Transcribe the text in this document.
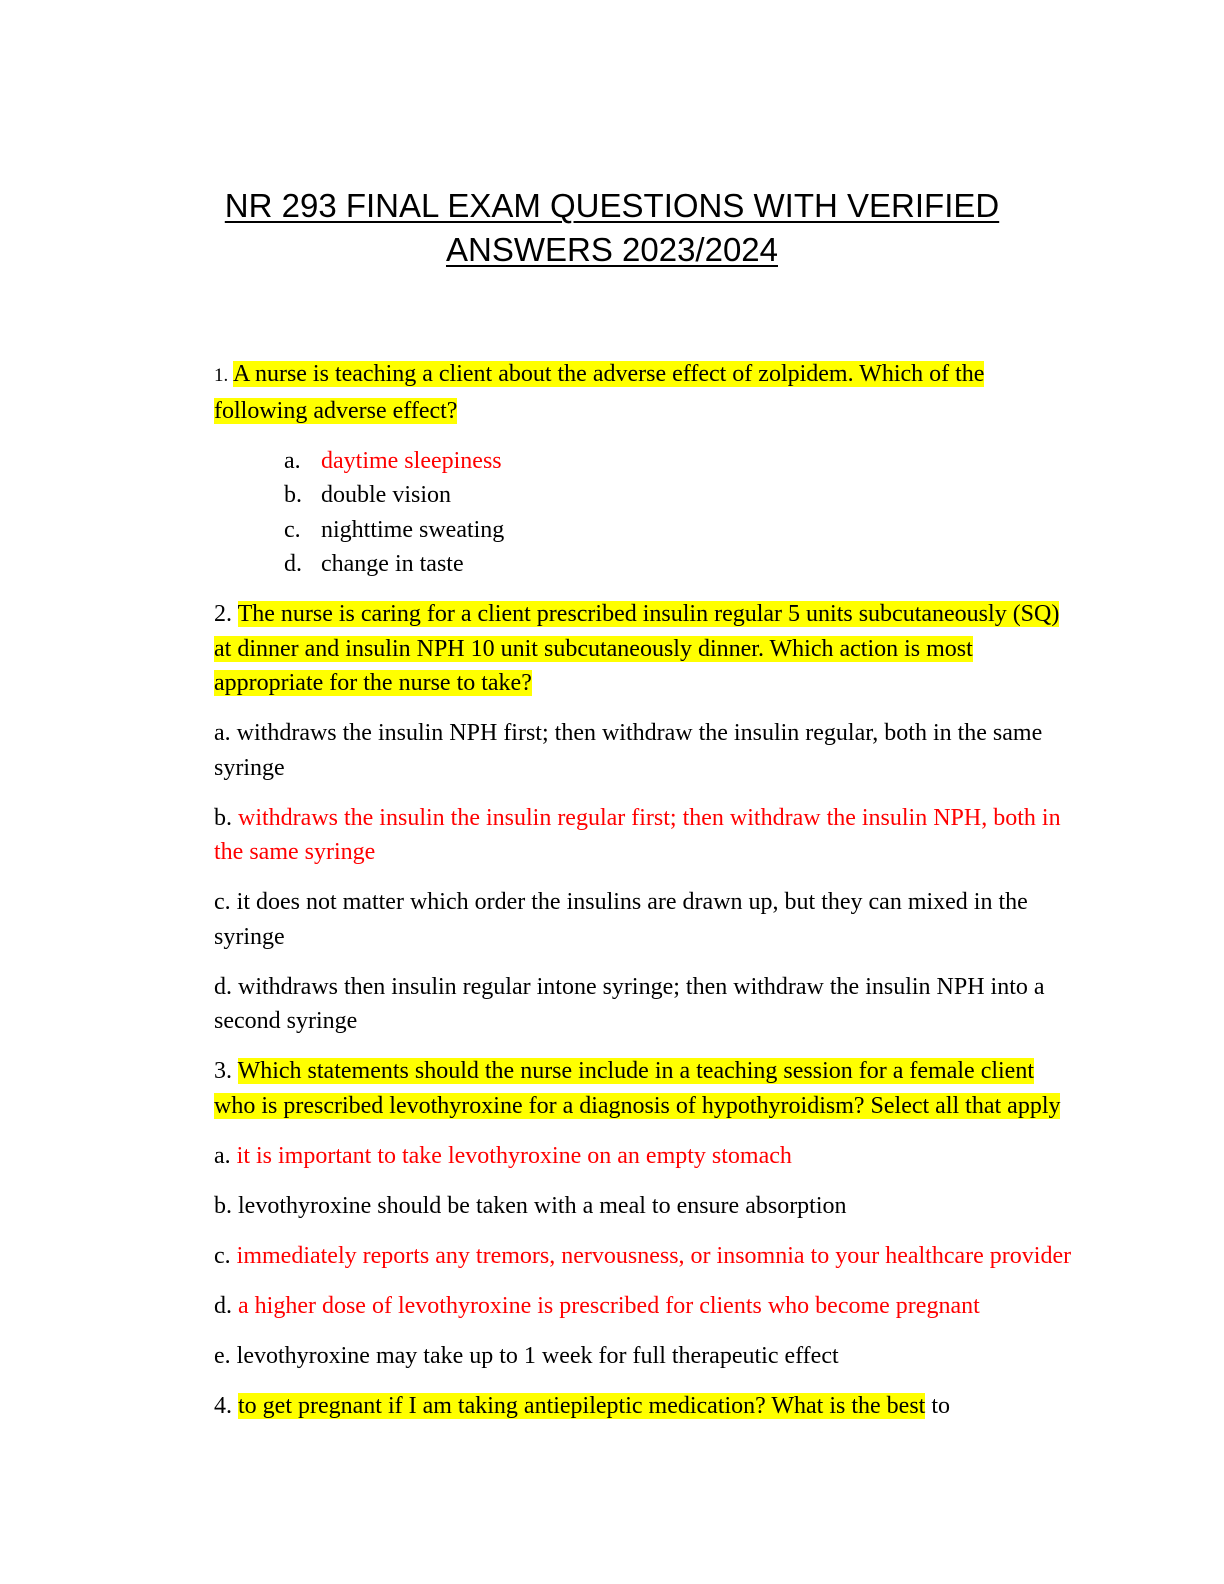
NR 293 FINAL EXAM QUESTIONS WITH VERIFIED
ANSWERS 2023/2024

1. A nurse is teaching a client about the adverse effect of zolpidem. Which of the following adverse effect?

a. daytime sleepiness
b. double vision
c. nighttime sweating
d. change in taste

2. The nurse is caring for a client prescribed insulin regular 5 units subcutaneously (SQ) at dinner and insulin NPH 10 unit subcutaneously dinner. Which action is most appropriate for the nurse to take?

a. withdraws the insulin NPH first; then withdraw the insulin regular, both in the same syringe

b. withdraws the insulin the insulin regular first; then withdraw the insulin NPH, both in the same syringe

c. it does not matter which order the insulins are drawn up, but they can mixed in the syringe

d. withdraws then insulin regular intone syringe; then withdraw the insulin NPH into a second syringe

3. Which statements should the nurse include in a teaching session for a female client who is prescribed levothyroxine for a diagnosis of hypothyroidism? Select all that apply

a. it is important to take levothyroxine on an empty stomach

b. levothyroxine should be taken with a meal to ensure absorption

c. immediately reports any tremors, nervousness, or insomnia to your healthcare provider

d. a higher dose of levothyroxine is prescribed for clients who become pregnant

e. levothyroxine may take up to 1 week for full therapeutic effect

4. to get pregnant if I am taking antiepileptic medication? What is the best to
